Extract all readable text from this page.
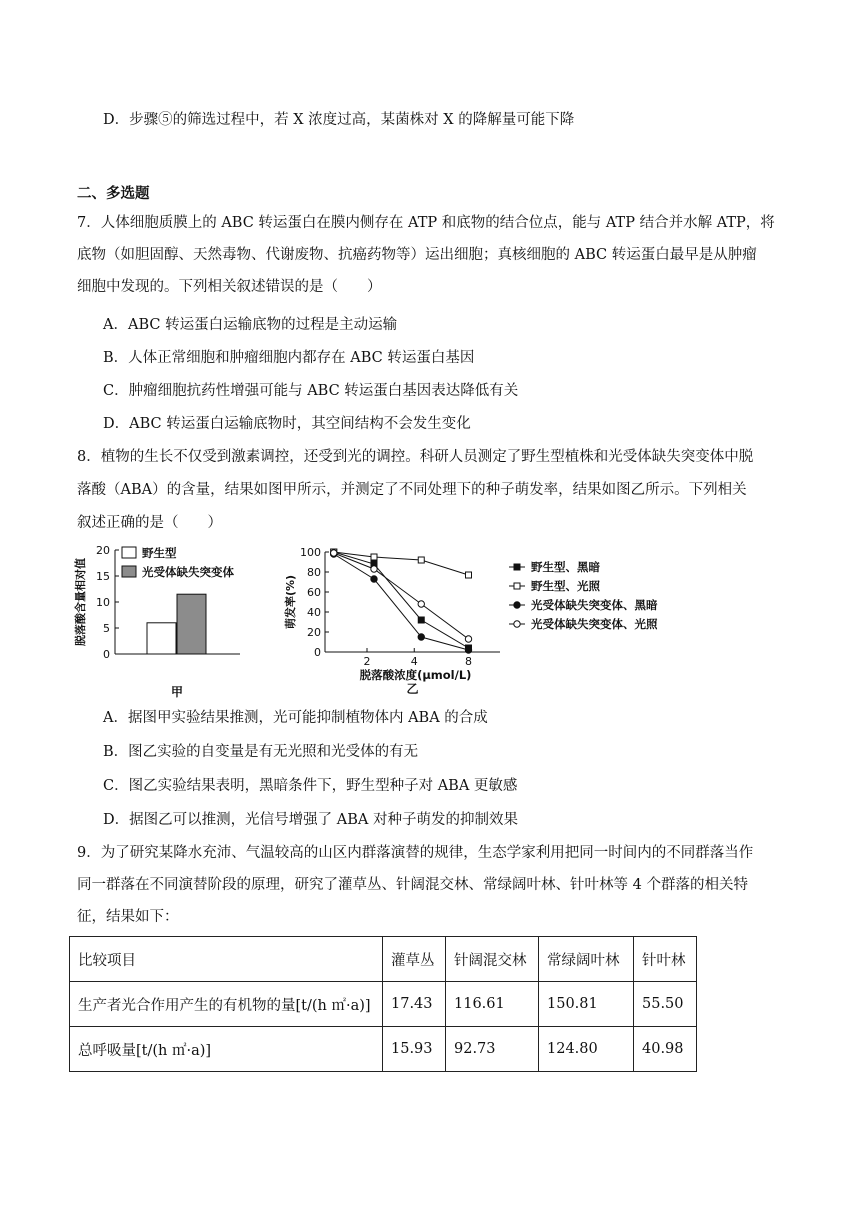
D．步骤⑤的筛选过程中，若 X 浓度过高，某菌株对 X 的降解量可能下降
二、多选题
7．人体细胞质膜上的 ABC 转运蛋白在膜内侧存在 ATP 和底物的结合位点，能与 ATP 结合并水解 ATP，将
底物（如胆固醇、天然毒物、代谢废物、抗癌药物等）运出细胞；真核细胞的 ABC 转运蛋白最早是从肿瘤
细胞中发现的。下列相关叙述错误的是（　　）
A．ABC 转运蛋白运输底物的过程是主动运输
B．人体正常细胞和肿瘤细胞内都存在 ABC 转运蛋白基因
C．肿瘤细胞抗药性增强可能与 ABC 转运蛋白基因表达降低有关
D．ABC 转运蛋白运输底物时，其空间结构不会发生变化
8．植物的生长不仅受到激素调控，还受到光的调控。科研人员测定了野生型植株和光受体缺失突变体中脱
落酸（ABA）的含量，结果如图甲所示，并测定了不同处理下的种子萌发率，结果如图乙所示。下列相关
叙述正确的是（　　）
0
5
10
15
20
脱落酸含量相对值
野生型
光受体缺失突变体
甲
0
20
40
60
80
100
2	4	8
萌发率(%)
脱落酸浓度(μmol/L)
乙
野生型、黑暗
野生型、光照
光受体缺失突变体、黑暗
光受体缺失突变体、光照
A．据图甲实验结果推测，光可能抑制植物体内 ABA 的合成
B．图乙实验的自变量是有无光照和光受体的有无
C．图乙实验结果表明，黑暗条件下，野生型种子对 ABA 更敏感
D．据图乙可以推测，光信号增强了 ABA 对种子萌发的抑制效果
9．为了研究某降水充沛、气温较高的山区内群落演替的规律，生态学家利用把同一时间内的不同群落当作
同一群落在不同演替阶段的原理，研究了灌草丛、针阔混交林、常绿阔叶林、针叶林等 4 个群落的相关特
征，结果如下：
比较项目	灌草丛	针阔混交林	常绿阔叶林	针叶林
生产者光合作用产生的有机物的量[t/(h ㎡·a)]	17.43	116.61	150.81	55.50
总呼吸量[t/(h ㎡·a)]	15.93	92.73	124.80	40.98
